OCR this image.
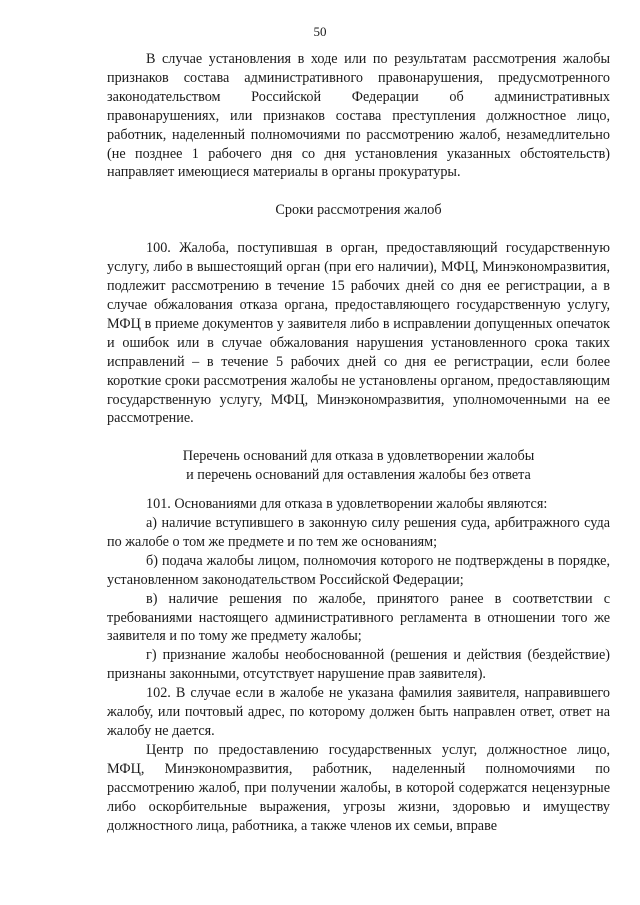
50

В случае установления в ходе или по результатам рассмотрения жалобы признаков состава административного правонарушения, предусмотренного законодательством Российской Федерации об административных правонарушениях, или признаков состава преступления должностное лицо, работник, наделенный полномочиями по рассмотрению жалоб, незамедлительно (не позднее 1 рабочего дня со дня установления указанных обстоятельств) направляет имеющиеся материалы в органы прокуратуры.

Сроки рассмотрения жалоб

100. Жалоба, поступившая в орган, предоставляющий государственную услугу, либо в вышестоящий орган (при его наличии), МФЦ, Минэкономразвития, подлежит рассмотрению в течение 15 рабочих дней со дня ее регистрации, а в случае обжалования отказа органа, предоставляющего государственную услугу, МФЦ в приеме документов у заявителя либо в исправлении допущенных опечаток и ошибок или в случае обжалования нарушения установленного срока таких исправлений – в течение 5 рабочих дней со дня ее регистрации, если более короткие сроки рассмотрения жалобы не установлены органом, предоставляющим государственную услугу, МФЦ, Минэкономразвития, уполномоченными на ее рассмотрение.

Перечень оснований для отказа в удовлетворении жалобы
и перечень оснований для оставления жалобы без ответа

101. Основаниями для отказа в удовлетворении жалобы являются:

а) наличие вступившего в законную силу решения суда, арбитражного суда по жалобе о том же предмете и по тем же основаниям;

б) подача жалобы лицом, полномочия которого не подтверждены в порядке, установленном законодательством Российской Федерации;

в) наличие решения по жалобе, принятого ранее в соответствии с требованиями настоящего административного регламента в отношении того же заявителя и по тому же предмету жалобы;

г) признание жалобы необоснованной (решения и действия (бездействие) признаны законными, отсутствует нарушение прав заявителя).

102. В случае если в жалобе не указана фамилия заявителя, направившего жалобу, или почтовый адрес, по которому должен быть направлен ответ, ответ на жалобу не дается.

Центр по предоставлению государственных услуг, должностное лицо, МФЦ, Минэкономразвития, работник, наделенный полномочиями по рассмотрению жалоб, при получении жалобы, в которой содержатся нецензурные либо оскорбительные выражения, угрозы жизни, здоровью и имуществу должностного лица, работника, а также членов их семьи, вправе
